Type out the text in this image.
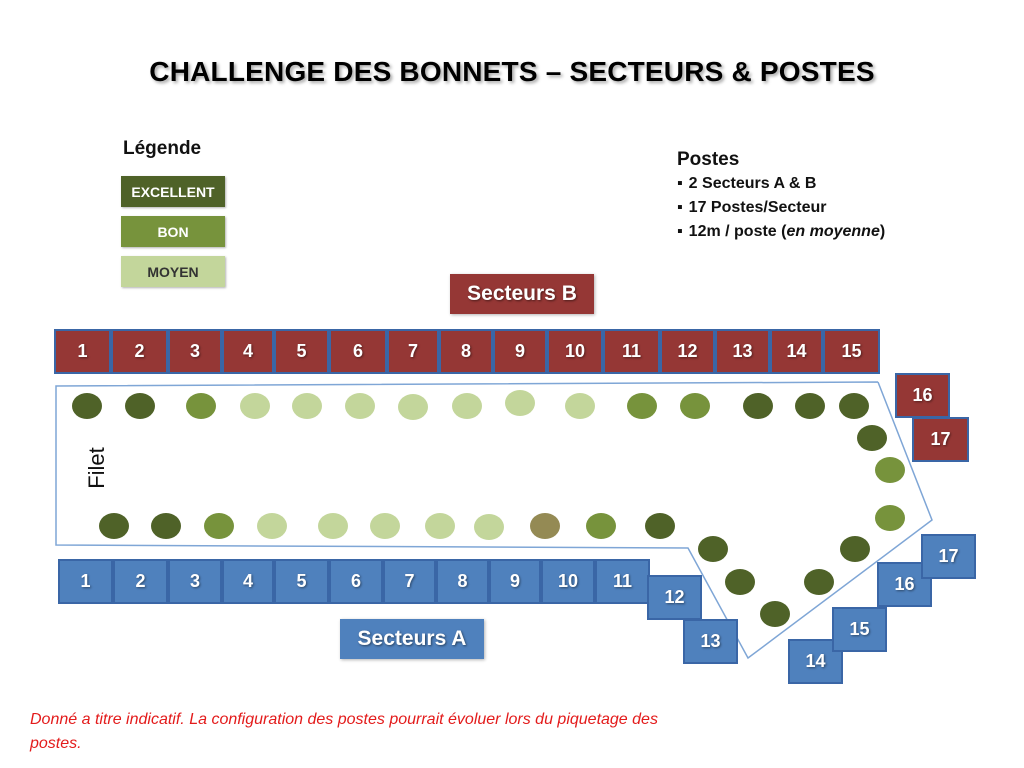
CHALLENGE DES BONNETS – SECTEURS & POSTES
Légende
EXCELLENT
BON
MOYEN
Postes
▪ 2 Secteurs A & B
▪ 17 Postes/Secteur
▪ 12m / poste (en moyenne)
Secteurs B
Secteurs A
Filet
1	2	3 4 5	6 7 8 9 10 11 12 13 14 15
16
17
1 2 3 4 5 6 7 8 9 10 11
12
13
14
15
16
17
Donné a titre indicatif. La configuration des postes pourrait évoluer lors du piquetage des postes.
